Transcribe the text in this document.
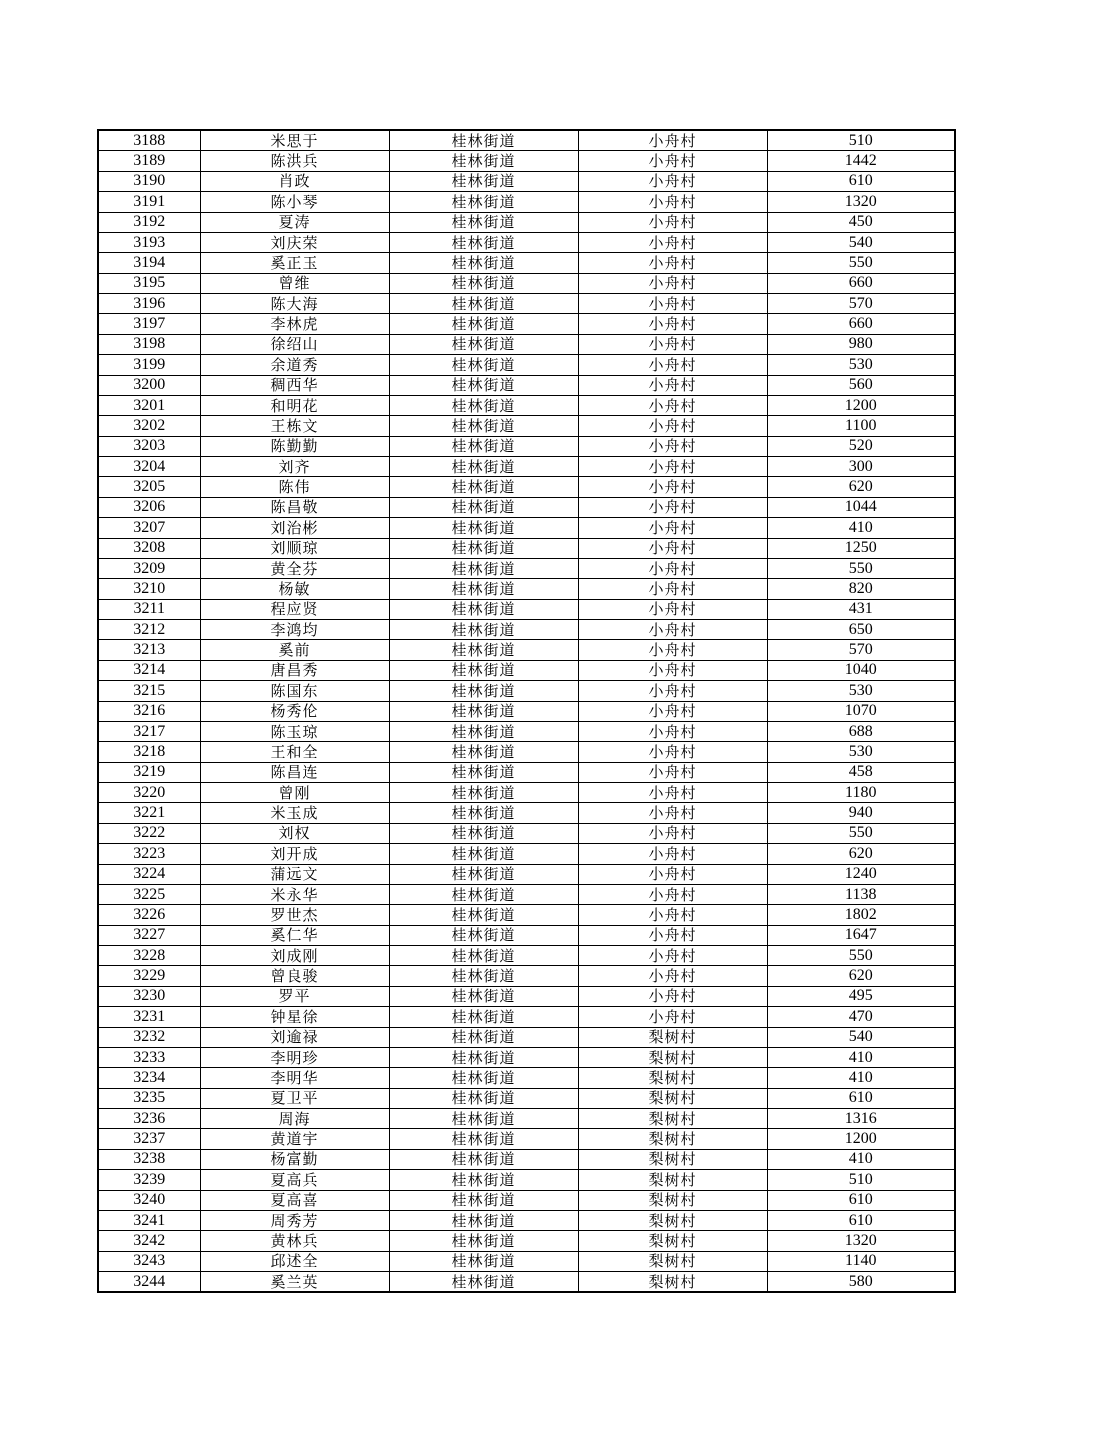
3188	米思于	桂林街道	小舟村	510
3189	陈洪兵	桂林街道	小舟村	1442
3190	肖政	桂林街道	小舟村	610
3191	陈小琴	桂林街道	小舟村	1320
3192	夏涛	桂林街道	小舟村	450
3193	刘庆荣	桂林街道	小舟村	540
3194	奚正玉	桂林街道	小舟村	550
3195	曾维	桂林街道	小舟村	660
3196	陈大海	桂林街道	小舟村	570
3197	李林虎	桂林街道	小舟村	660
3198	徐绍山	桂林街道	小舟村	980
3199	余道秀	桂林街道	小舟村	530
3200	稠西华	桂林街道	小舟村	560
3201	和明花	桂林街道	小舟村	1200
3202	王栋文	桂林街道	小舟村	1100
3203	陈勤勤	桂林街道	小舟村	520
3204	刘齐	桂林街道	小舟村	300
3205	陈伟	桂林街道	小舟村	620
3206	陈昌敬	桂林街道	小舟村	1044
3207	刘治彬	桂林街道	小舟村	410
3208	刘顺琼	桂林街道	小舟村	1250
3209	黄全芬	桂林街道	小舟村	550
3210	杨敏	桂林街道	小舟村	820
3211	程应贤	桂林街道	小舟村	431
3212	李鸿均	桂林街道	小舟村	650
3213	奚前	桂林街道	小舟村	570
3214	唐昌秀	桂林街道	小舟村	1040
3215	陈国东	桂林街道	小舟村	530
3216	杨秀伦	桂林街道	小舟村	1070
3217	陈玉琼	桂林街道	小舟村	688
3218	王和全	桂林街道	小舟村	530
3219	陈昌连	桂林街道	小舟村	458
3220	曾刚	桂林街道	小舟村	1180
3221	米玉成	桂林街道	小舟村	940
3222	刘权	桂林街道	小舟村	550
3223	刘开成	桂林街道	小舟村	620
3224	蒲远文	桂林街道	小舟村	1240
3225	米永华	桂林街道	小舟村	1138
3226	罗世杰	桂林街道	小舟村	1802
3227	奚仁华	桂林街道	小舟村	1647
3228	刘成刚	桂林街道	小舟村	550
3229	曾良骏	桂林街道	小舟村	620
3230	罗平	桂林街道	小舟村	495
3231	钟星徐	桂林街道	小舟村	470
3232	刘逾禄	桂林街道	梨树村	540
3233	李明珍	桂林街道	梨树村	410
3234	李明华	桂林街道	梨树村	410
3235	夏卫平	桂林街道	梨树村	610
3236	周海	桂林街道	梨树村	1316
3237	黄道宇	桂林街道	梨树村	1200
3238	杨富勤	桂林街道	梨树村	410
3239	夏高兵	桂林街道	梨树村	510
3240	夏高喜	桂林街道	梨树村	610
3241	周秀芳	桂林街道	梨树村	610
3242	黄林兵	桂林街道	梨树村	1320
3243	邱述全	桂林街道	梨树村	1140
3244	奚兰英	桂林街道	梨树村	580
